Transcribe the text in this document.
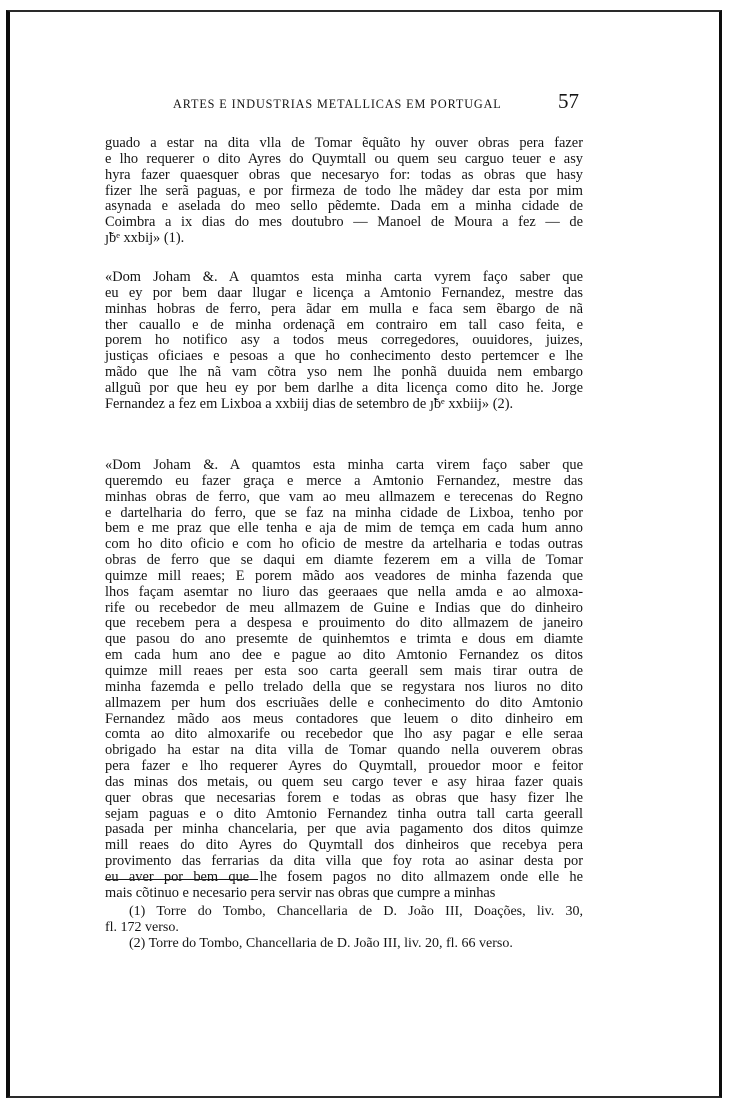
ARTES E INDUSTRIAS METALLICAS EM PORTUGAL	57
guado a estar na dita vlla de Tomar ẽquãto hy ouver obras pera fazer
e lho requerer o dito Ayres do Quymtall ou quem seu carguo teuer e asy
hyra fazer quaesquer obras que necesaryo for: todas as obras que hasy
fizer lhe serã paguas, e por firmeza de todo lhe mãdey dar esta por mim
asynada e aselada do meo sello pẽdemte. Dada em a minha cidade de
Coimbra a ix dias do mes doutubro — Manoel de Moura a fez — de
ȷ̃bᵉ xxbij» (1).
«Dom Joham &. A quamtos esta minha carta vyrem faço saber que
eu ey por bem daar llugar e licença a Amtonio Fernandez, mestre das
minhas hobras de ferro, pera ãdar em mulla e faca sem ẽbargo de nã
ther cauallo e de minha ordenaçã em contrairo em tall caso feita, e
porem ho notifico asy a todos meus corregedores, ouuidores, juizes,
justiças oficiaes e pesoas a que ho conhecimento desto pertemcer e lhe
mãdo que lhe nã vam cõtra yso nem lhe ponhã duuida nem embargo
allguũ por que heu ey por bem darlhe a dita licença como dito he. Jorge
Fernandez a fez em Lixboa a xxbiij dias de setembro de ȷ̃bᵉ xxbiij» (2).
«Dom Joham &. A quamtos esta minha carta virem faço saber que
queremdo eu fazer graça e merce a Amtonio Fernandez, mestre das
minhas obras de ferro, que vam ao meu allmazem e terecenas do Regno
e dartelharia do ferro, que se faz na minha cidade de Lixboa, tenho por
bem e me praz que elle tenha e aja de mim de temça em cada hum anno
com ho dito oficio e com ho oficio de mestre da artelharia e todas outras
obras de ferro que se daqui em diamte fezerem em a villa de Tomar
quimze mill reaes; E porem mãdo aos veadores de minha fazenda que
lhos façam asemtar no liuro das geeraaes que nella amda e ao almoxa-
rife ou recebedor de meu allmazem de Guine e Indias que do dinheiro
que recebem pera a despesa e prouimento do dito allmazem de janeiro
que pasou do ano presemte de quinhemtos e trimta e dous em diamte
em cada hum ano dee e pague ao dito Amtonio Fernandez os ditos
quimze mill reaes per esta soo carta geerall sem mais tirar outra de
minha fazemda e pello trelado della que se regystara nos liuros no dito
allmazem per hum dos escriuães delle e conhecimento do dito Amtonio
Fernandez mãdo aos meus contadores que leuem o dito dinheiro em
comta ao dito almoxarife ou recebedor que lho asy pagar e elle seraa
obrigado ha estar na dita villa de Tomar quando nella ouverem obras
pera fazer e lho requerer Ayres do Quymtall, prouedor moor e feitor
das minas dos metais, ou quem seu cargo tever e asy hiraa fazer quais
quer obras que necesarias forem e todas as obras que hasy fizer lhe
sejam paguas e o dito Amtonio Fernandez tinha outra tall carta geerall
pasada per minha chancelaria, per que avia pagamento dos ditos quimze
mill reaes do dito Ayres do Quymtall dos dinheiros que recebya pera
provimento das ferrarias da dita villa que foy rota ao asinar desta por
eu aver por bem que lhe fosem pagos no dito allmazem onde elle he
mais cõtinuo e necesario pera servir nas obras que cumpre a minhas
(1) Torre do Tombo, Chancellaria de D. João III, Doações, liv. 30,
fl. 172 verso.
(2) Torre do Tombo, Chancellaria de D. João III, liv. 20, fl. 66 verso.
